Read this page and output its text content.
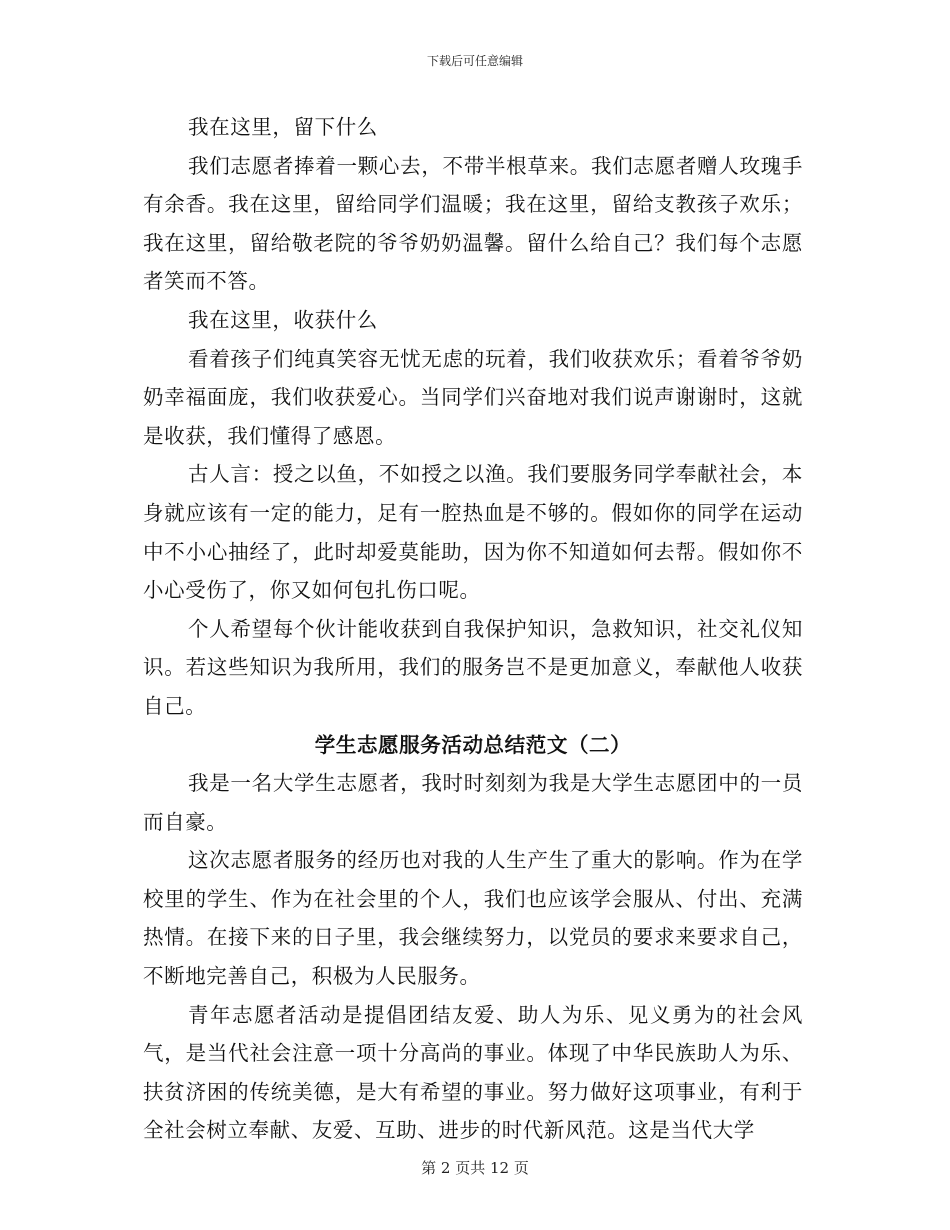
下载后可任意编辑

我在这里，留下什么

我们志愿者捧着一颗心去，不带半根草来。我们志愿者赠人玫瑰手有余香。我在这里，留给同学们温暖；我在这里，留给支教孩子欢乐；我在这里，留给敬老院的爷爷奶奶温馨。留什么给自己？我们每个志愿者笑而不答。

我在这里，收获什么

看着孩子们纯真笑容无忧无虑的玩着，我们收获欢乐；看着爷爷奶奶幸福面庞，我们收获爱心。当同学们兴奋地对我们说声谢谢时，这就是收获，我们懂得了感恩。

古人言：授之以鱼，不如授之以渔。我们要服务同学奉献社会，本身就应该有一定的能力，足有一腔热血是不够的。假如你的同学在运动中不小心抽经了，此时却爱莫能助，因为你不知道如何去帮。假如你不小心受伤了，你又如何包扎伤口呢。

个人希望每个伙计能收获到自我保护知识，急救知识，社交礼仪知识。若这些知识为我所用，我们的服务岂不是更加意义，奉献他人收获自己。

学生志愿服务活动总结范文（二）

我是一名大学生志愿者，我时时刻刻为我是大学生志愿团中的一员而自豪。

这次志愿者服务的经历也对我的人生产生了重大的影响。作为在学校里的学生、作为在社会里的个人，我们也应该学会服从、付出、充满热情。在接下来的日子里，我会继续努力，以党员的要求来要求自己，不断地完善自己，积极为人民服务。

青年志愿者活动是提倡团结友爱、助人为乐、见义勇为的社会风气，是当代社会注意一项十分高尚的事业。体现了中华民族助人为乐、扶贫济困的传统美德，是大有希望的事业。努力做好这项事业，有利于全社会树立奉献、友爱、互助、进步的时代新风范。这是当代大学

第 2 页共 12 页
